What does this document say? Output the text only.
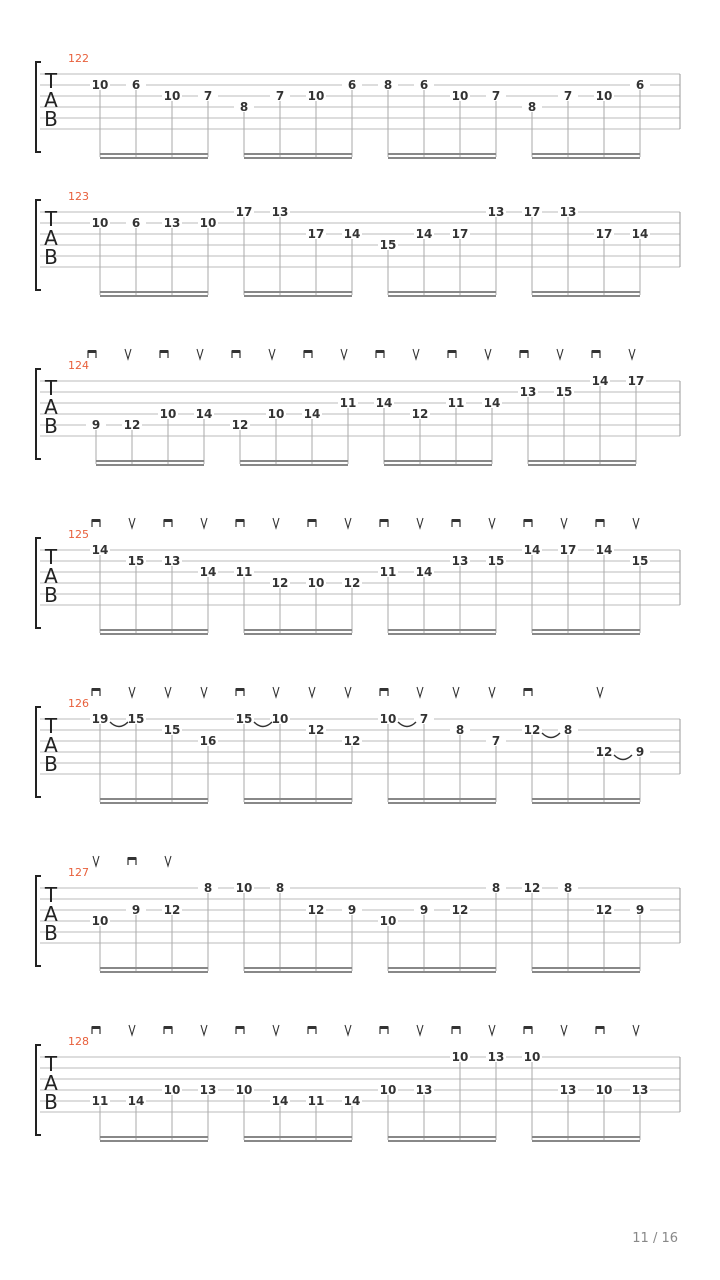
T
A
B
122
10 6
10 7
8
7 10
6 8 6
10 7
8
7 10
6
T
A
B
123
10 6 13 10
17 13
17 14
15
14 17
13 17 13
17 14
T
A
B
124
9 12
10 14
12
10 14
11 14
12
11 14
13 15
14 17
T
A
B
125
14
15 13
14 11
12 10 12
11 14
13 15
14 17 14
15
T
A
B
126
19 15
15
16
15 10
12
12
10 7
8
7
12 8
12 9
T
A
B
127
10
9 12
8 10 8
12 9
10
9 12
8 12 8
12 9
T
A
B
128
11 14
10 13 10
14 11 14
10 13
10 13 10
13 10 13
11 / 16
